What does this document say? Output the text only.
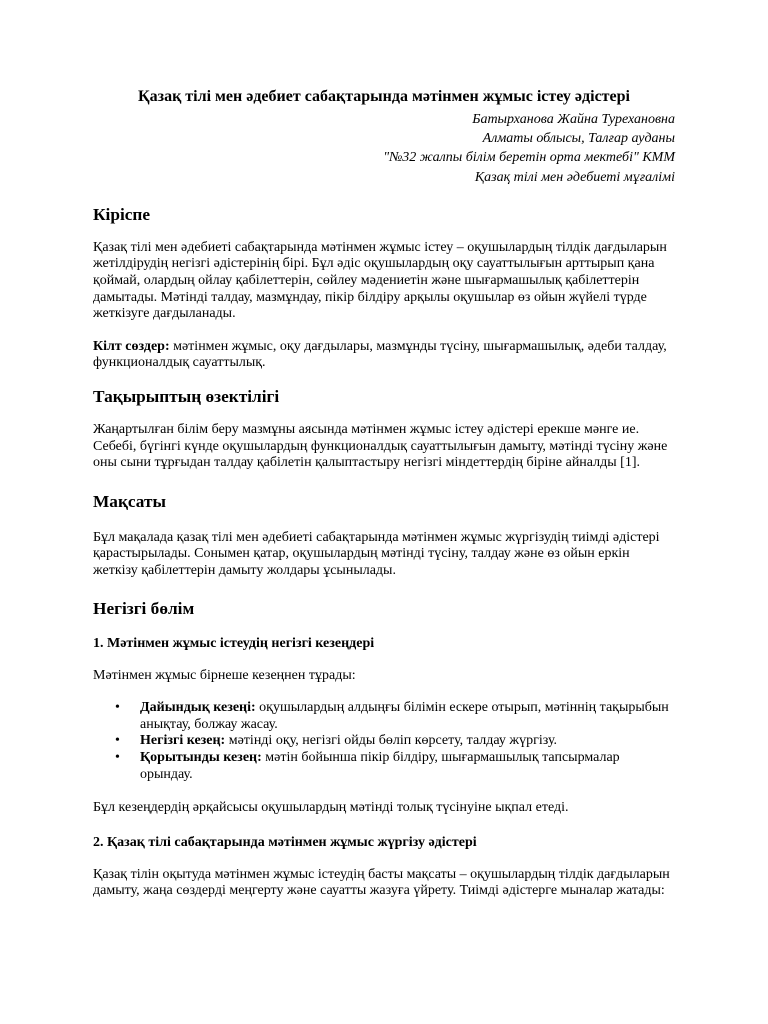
Қазақ тілі мен әдебиет сабақтарында мәтінмен жұмыс істеу әдістері
Батырханова Жайна Турехановна
Алматы облысы, Талғар ауданы
"№32 жалпы білім беретін орта мектебі" КММ
Қазақ тілі мен әдебиеті мұғалімі
Кіріспе

Қазақ тілі мен әдебиеті сабақтарында мәтінмен жұмыс істеу – оқушылардың тілдік дағдыларын жетілдірудің негізгі әдістерінің бірі. Бұл әдіс оқушылардың оқу сауаттылығын арттырып қана қоймай, олардың ойлау қабілеттерін, сөйлеу мәдениетін және шығармашылық қабілеттерін дамытады. Мәтінді талдау, мазмұндау, пікір білдіру арқылы оқушылар өз ойын жүйелі түрде жеткізуге дағдыланады.

Кілт сөздер: мәтінмен жұмыс, оқу дағдылары, мазмұнды түсіну, шығармашылық, әдеби талдау, функционалдық сауаттылық.

Тақырыптың өзектілігі

Жаңартылған білім беру мазмұны аясында мәтінмен жұмыс істеу әдістері ерекше мәнге ие. Себебі, бүгінгі күнде оқушылардың функционалдық сауаттылығын дамыту, мәтінді түсіну және оны сыни тұрғыдан талдау қабілетін қалыптастыру негізгі міндеттердің біріне айналды [1].

Мақсаты

Бұл мақалада қазақ тілі мен әдебиеті сабақтарында мәтінмен жұмыс жүргізудің тиімді әдістері қарастырылады. Сонымен қатар, оқушылардың мәтінді түсіну, талдау және өз ойын еркін жеткізу қабілеттерін дамыту жолдары ұсынылады.

Негізгі бөлім
1. Мәтінмен жұмыс істеудің негізгі кезеңдері

Мәтінмен жұмыс бірнеше кезеңнен тұрады:

• Дайындық кезеңі: оқушылардың алдыңғы білімін ескере отырып, мәтіннің тақырыбын анықтау, болжау жасау.
• Негізгі кезең: мәтінді оқу, негізгі ойды бөліп көрсету, талдау жүргізу.
• Қорытынды кезең: мәтін бойынша пікір білдіру, шығармашылық тапсырмалар орындау.

Бұл кезеңдердің әрқайсысы оқушылардың мәтінді толық түсінуіне ықпал етеді.

2. Қазақ тілі сабақтарында мәтінмен жұмыс жүргізу әдістері

Қазақ тілін оқытуда мәтінмен жұмыс істеудің басты мақсаты – оқушылардың тілдік дағдыларын дамыту, жаңа сөздерді меңгерту және сауатты жазуға үйрету. Тиімді әдістерге мыналар жатады:
